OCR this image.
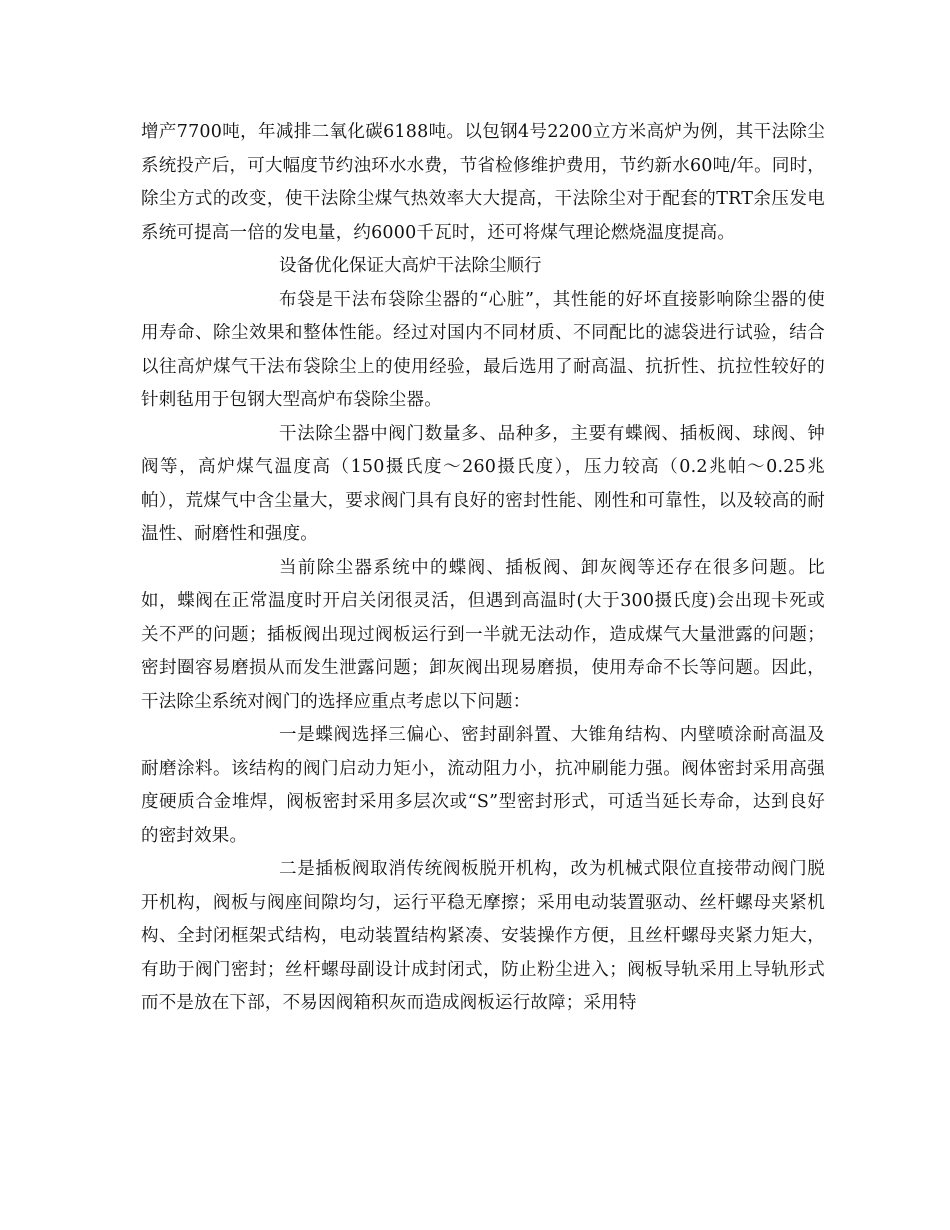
增产7700吨，年减排二氧化碳6188吨。以包钢4号2200立方米高炉为例，其干法除尘系统投产后，可大幅度节约浊环水水费，节省检修维护费用，节约新水60吨/年。同时，除尘方式的改变，使干法除尘煤气热效率大大提高，干法除尘对于配套的TRT余压发电系统可提高一倍的发电量，约6000千瓦时，还可将煤气理论燃烧温度提高。

设备优化保证大高炉干法除尘顺行

布袋是干法布袋除尘器的“心脏”，其性能的好坏直接影响除尘器的使用寿命、除尘效果和整体性能。经过对国内不同材质、不同配比的滤袋进行试验，结合以往高炉煤气干法布袋除尘上的使用经验，最后选用了耐高温、抗折性、抗拉性较好的针刺毡用于包钢大型高炉布袋除尘器。

干法除尘器中阀门数量多、品种多，主要有蝶阀、插板阀、球阀、钟阀等，高炉煤气温度高（150摄氏度～260摄氏度），压力较高（0.2兆帕～0.25兆帕），荒煤气中含尘量大，要求阀门具有良好的密封性能、刚性和可靠性，以及较高的耐温性、耐磨性和强度。

当前除尘器系统中的蝶阀、插板阀、卸灰阀等还存在很多问题。比如，蝶阀在正常温度时开启关闭很灵活，但遇到高温时(大于300摄氏度)会出现卡死或关不严的问题；插板阀出现过阀板运行到一半就无法动作，造成煤气大量泄露的问题；密封圈容易磨损从而发生泄露问题；卸灰阀出现易磨损，使用寿命不长等问题。因此，干法除尘系统对阀门的选择应重点考虑以下问题：

一是蝶阀选择三偏心、密封副斜置、大锥角结构、内壁喷涂耐高温及耐磨涂料。该结构的阀门启动力矩小，流动阻力小，抗冲刷能力强。阀体密封采用高强度硬质合金堆焊，阀板密封采用多层次或“S”型密封形式，可适当延长寿命，达到良好的密封效果。

二是插板阀取消传统阀板脱开机构，改为机械式限位直接带动阀门脱开机构，阀板与阀座间隙均匀，运行平稳无摩擦；采用电动装置驱动、丝杆螺母夹紧机构、全封闭框架式结构，电动装置结构紧凑、安装操作方便，且丝杆螺母夹紧力矩大，有助于阀门密封；丝杆螺母副设计成封闭式，防止粉尘进入；阀板导轨采用上导轨形式而不是放在下部，不易因阀箱积灰而造成阀板运行故障；采用特
